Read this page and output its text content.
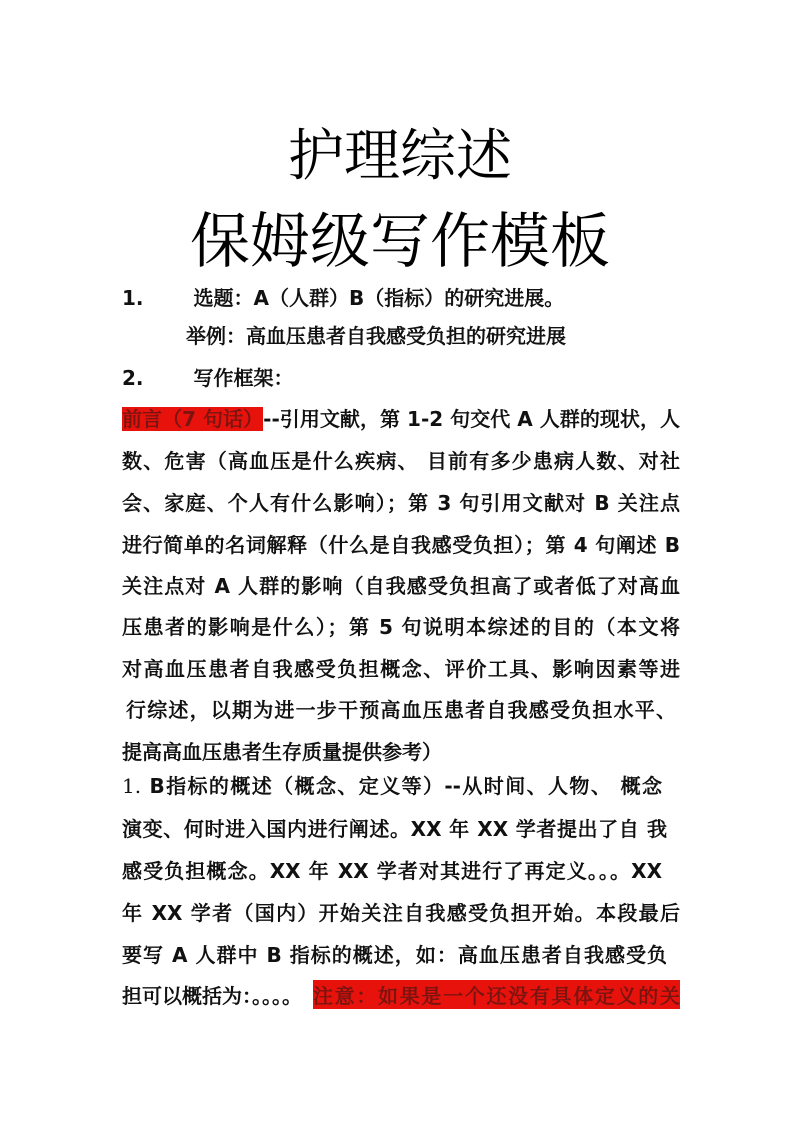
护理综述
保姆级写作模板
1.	选题：A（人群）B（指标）的研究进展。
举例：高血压患者自我感受负担的研究进展
2.	写作框架：
前言（7 句话）--引用文献，第 1-2 句交代 A 人群的现状，人
数、危害（高血压是什么疾病、 目前有多少患病人数、对社
会、家庭、个人有什么影响）；第 3 句引用文献对 B 关注点
进行简单的名词解释（什么是自我感受负担）；第 4 句阐述 B
关注点对 A 人群的影响（自我感受负担高了或者低了对高血
压患者的影响是什么）；第 5 句说明本综述的目的（本文将
对高血压患者自我感受负担概念、评价工具、影响因素等进
行综述，以期为进一步干预高血压患者自我感受负担水平、
提高高血压患者生存质量提供参考）
1. B指标的概述（概念、定义等）--从时间、人物、 概念
演变、何时进入国内进行阐述。XX 年 XX 学者提出了自 我
感受负担概念。XX 年 XX 学者对其进行了再定义。。。XX
年 XX 学者（国内）开始关注自我感受负担开始。本段最后
要写 A 人群中 B 指标的概述，如：高血压患者自我感受负
担可以概括为：。。。。 注意：如果是一个还没有具体定义的关
